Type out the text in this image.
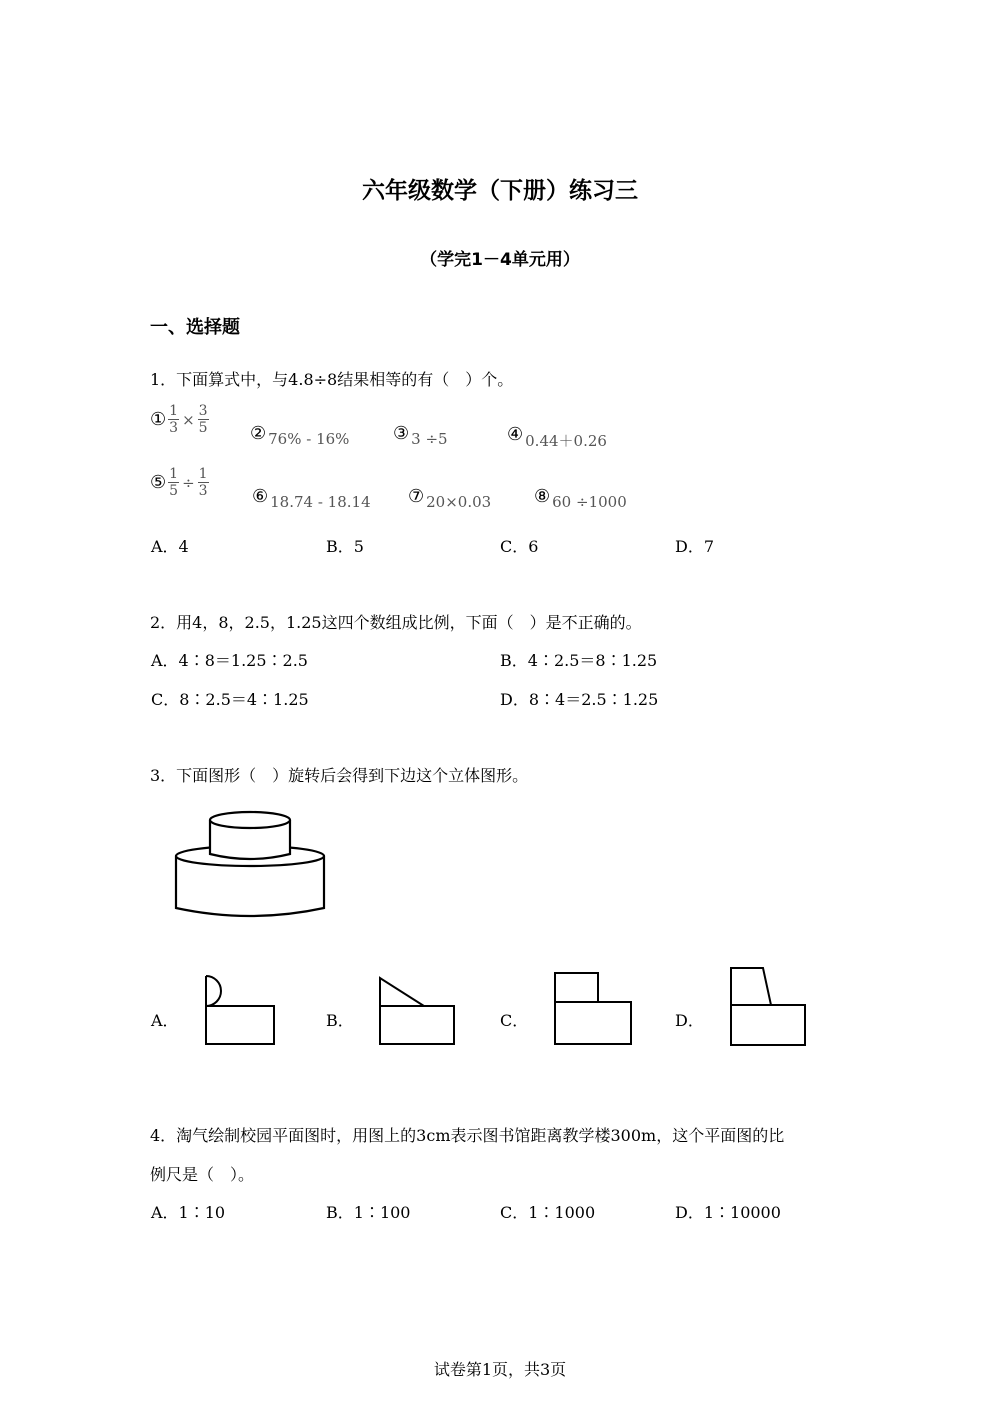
六年级数学（下册）练习三
（学完1－4单元用）
一、选择题
1．下面算式中，与4.8÷8结果相等的有（　）个。
① $\frac{1}{3} \times \frac{3}{5}$ ② 76% - 16% ③ 3 ÷5	④ 0.44＋0.26
⑤ $\frac{1}{5} \div \frac{1}{3}$ ⑥ 18.74 - 18.14 ⑦ 20×0.03 ⑧ 60 ÷1000
A．4	B．5	C．6	D．7
2．用4，8，2.5，1.25这四个数组成比例，下面（　）是不正确的。
A．4∶8＝1.25∶2.5	B．4∶2.5＝8∶1.25
C．8∶2.5＝4∶1.25	D．8∶4＝2.5∶1.25
3．下面图形（　）旋转后会得到下边这个立体图形。
A．	B．	C．	D．
4．淘气绘制校园平面图时，用图上的3cm表示图书馆距离教学楼300m，这个平面图的比
例尺是（　）。
A．1∶10	B．1∶100	C．1∶1000	D．1∶10000
试卷第1页，共3页
